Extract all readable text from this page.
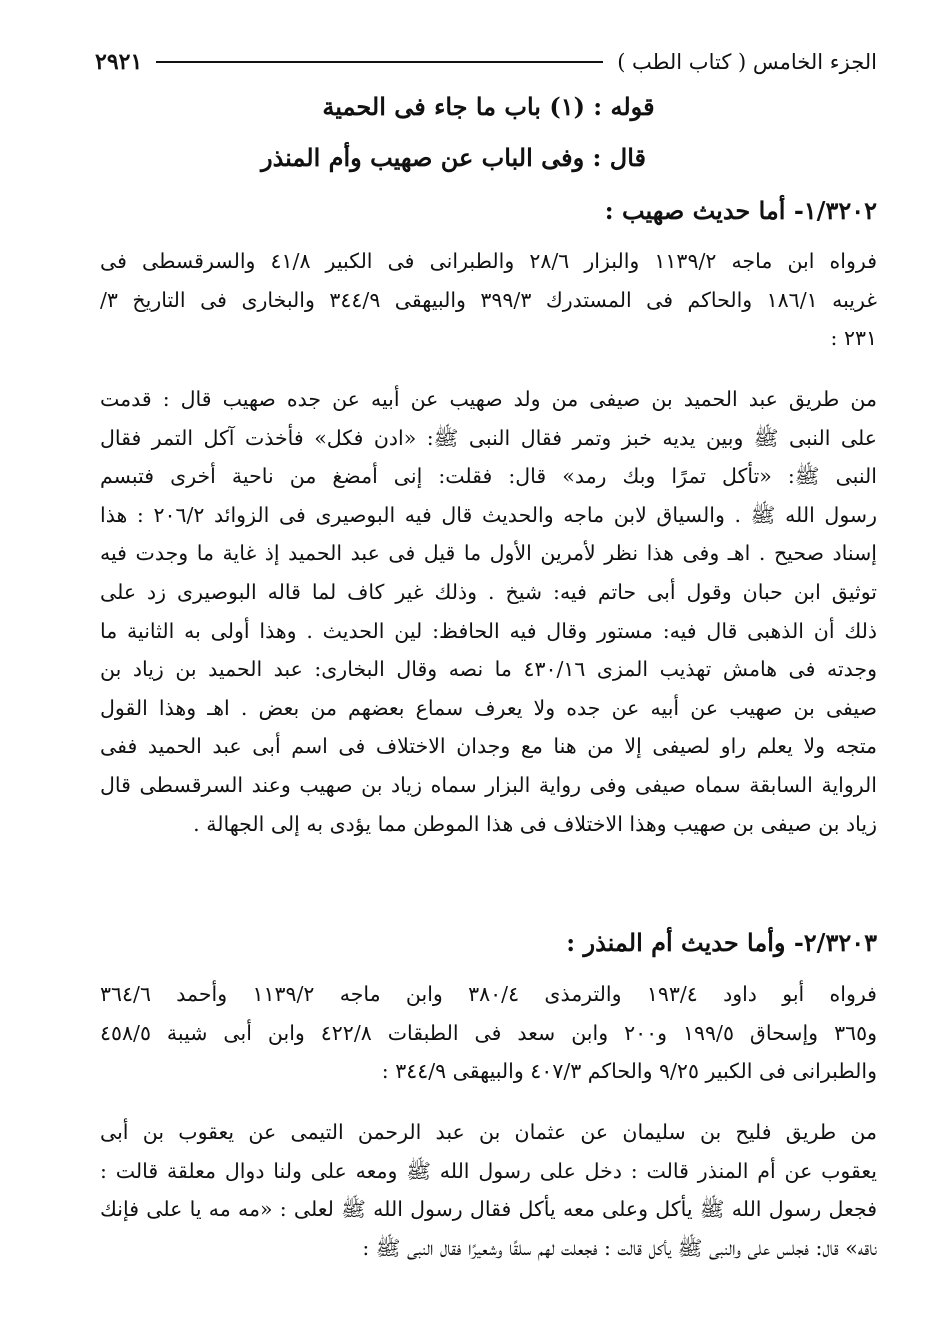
الجزء الخامس ( كتاب الطب )
٢٩٢١
قوله : (١) باب ما جاء فى الحمية
قال : وفى الباب عن صهيب وأم المنذر
١/٣٢٠٢- أما حديث صهيب :
فرواه ابن ماجه ١١٣٩/٢ والبزار ٢٨/٦ والطبرانى فى الكبير ٤١/٨ والسرقسطى فى
غريبه ١٨٦/١ والحاكم فى المستدرك ٣٩٩/٣ والبيهقى ٣٤٤/٩ والبخارى فى التاريخ ٣/
٢٣١ :
من طريق عبد الحميد بن صيفى من ولد صهيب عن أبيه عن جده صهيب قال : قدمت
على النبى ﷺ وبين يديه خبز وتمر فقال النبى ﷺ: «ادن فكل» فأخذت آكل التمر فقال
النبى ﷺ: «تأكل تمرًا وبك رمد» قال: فقلت: إنى أمضغ من ناحية أخرى فتبسم
رسول الله ﷺ . والسياق لابن ماجه والحديث قال فيه البوصيرى فى الزوائد ٢٠٦/٢ : هذا
إسناد صحيح . اهـ وفى هذا نظر لأمرين الأول ما قيل فى عبد الحميد إذ غاية ما وجدت فيه
توثيق ابن حبان وقول أبى حاتم فيه: شيخ . وذلك غير كاف لما قاله البوصيرى زد على
ذلك أن الذهبى قال فيه: مستور وقال فيه الحافظ: لين الحديث . وهذا أولى به الثانية ما
وجدته فى هامش تهذيب المزى ٤٣٠/١٦ ما نصه وقال البخارى: عبد الحميد بن زياد بن
صيفى بن صهيب عن أبيه عن جده ولا يعرف سماع بعضهم من بعض . اهـ وهذا القول
متجه ولا يعلم راو لصيفى إلا من هنا مع وجدان الاختلاف فى اسم أبى عبد الحميد ففى
الرواية السابقة سماه صيفى وفى رواية البزار سماه زياد بن صهيب وعند السرقسطى قال
زياد بن صيفى بن صهيب وهذا الاختلاف فى هذا الموطن مما يؤدى به إلى الجهالة .
٢/٣٢٠٣- وأما حديث أم المنذر :
فرواه أبو داود ١٩٣/٤ والترمذى ٣٨٠/٤ وابن ماجه ١١٣٩/٢ وأحمد ٣٦٤/٦
و٣٦٥ وإسحاق ١٩٩/٥ و٢٠٠ وابن سعد فى الطبقات ٤٢٢/٨ وابن أبى شيبة ٤٥٨/٥
والطبرانى فى الكبير ٩/٢٥ والحاكم ٤٠٧/٣ والبيهقى ٣٤٤/٩ :
من طريق فليح بن سليمان عن عثمان بن عبد الرحمن التيمى عن يعقوب بن أبى
يعقوب عن أم المنذر قالت : دخل على رسول الله ﷺ ومعه على ولنا دوال معلقة قالت :
فجعل رسول الله ﷺ يأكل وعلى معه يأكل فقال رسول الله ﷺ لعلى : «مه مه يا على فإنك
ناقه» قال: فجلس على والنبى ﷺ يأكل قالت : فجعلت لهم سلقًا وشعيرًا فقال النبى ﷺ :
